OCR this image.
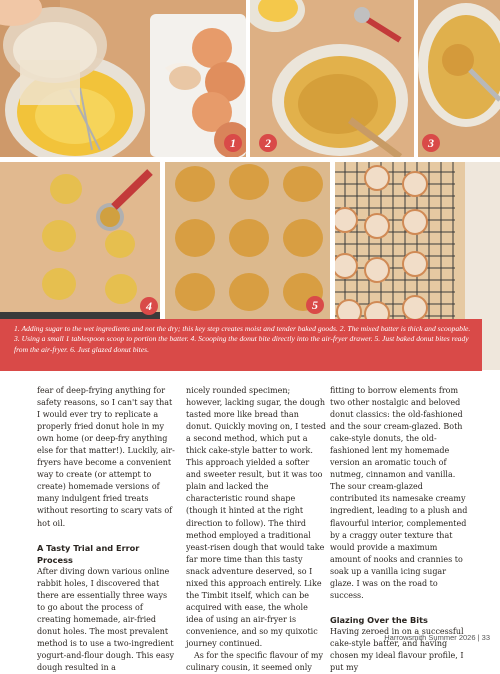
1	2	3
4	5
1. Adding sugar to the wet ingredients and not the dry; this key step creates moist and tender baked goods. 2. The mixed batter is thick and scoopable. 3. Using a small 1 tablespoon scoop to portion the batter. 4. Scooping the donut bite directly into the air-fryer drawer. 5. Just baked donut bites ready from the air-fryer. 6. Just glazed donut bites.

fear of deep-frying anything for safety reasons, so I can't say that I would ever try to replicate a properly fried donut hole in my own home (or deep-fry anything else for that matter!). Luckily, air-fryers have become a convenient way to create (or attempt to create) homemade versions of many indulgent fried treats without resorting to scary vats of hot oil.

A Tasty Trial and Error Process

After diving down various online rabbit holes, I discovered that there are essentially three ways to go about the process of creating homemade, air-fried donut holes. The most prevalent method is to use a two-ingredient yogurt-and-flour dough. This easy dough resulted in a

nicely rounded specimen; however, lacking sugar, the dough tasted more like bread than donut. Quickly moving on, I tested a second method, which put a thick cake-style batter to work. This approach yielded a softer and sweeter result, but it was too plain and lacked the characteristic round shape (though it hinted at the right direction to follow). The third method employed a traditional yeast-risen dough that would take far more time than this tasty snack adventure deserved, so I nixed this approach entirely. Like the Timbit itself, which can be acquired with ease, the whole idea of using an air-fryer is convenience, and so my quixotic journey continued.

As for the specific flavour of my culinary cousin, it seemed only

fitting to borrow elements from two other nostalgic and beloved donut classics: the old-fashioned and the sour cream-glazed. Both cake-style donuts, the old-fashioned lent my homemade version an aromatic touch of nutmeg, cinnamon and vanilla. The sour cream-glazed contributed its namesake creamy ingredient, leading to a plush and flavourful interior, complemented by a craggy outer texture that would provide a maximum amount of nooks and crannies to soak up a vanilla icing sugar glaze. I was on the road to success.

Glazing Over the Bits

Having zeroed in on a successful cake-style batter, and having chosen my ideal flavour profile, I put my

Harrowsmith Summer 2026 | 33
